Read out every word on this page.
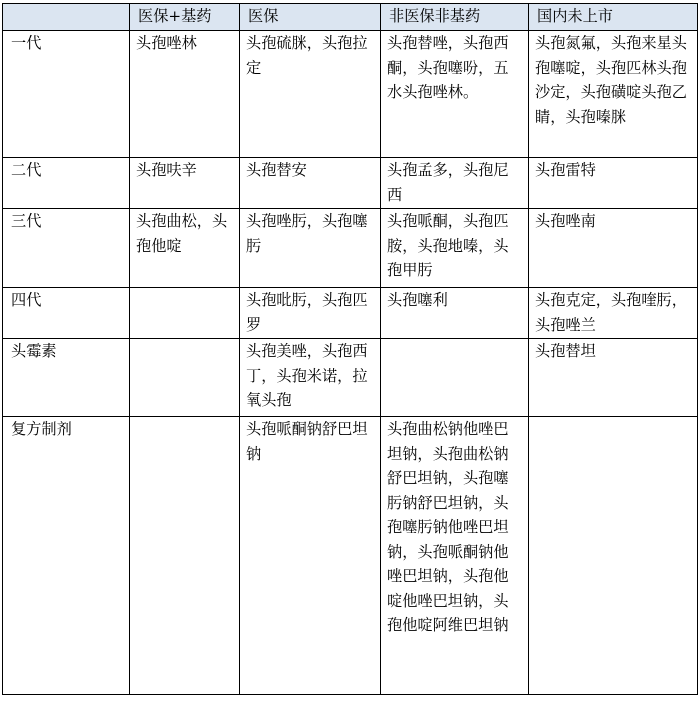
	医保+基药	医保	非医保非基药	国内未上市
一代	头孢唑林	头孢硫脒，头孢拉定	头孢替唑，头孢西酮，头孢噻吩，五水头孢唑林。	头孢氮氟，头孢来星头孢噻啶，头孢匹林头孢沙定，头孢磺啶头孢乙睛，头孢嗪脒

二代	头孢呋辛	头孢替安	头孢孟多，头孢尼西	头孢雷特

三代	头孢曲松，头孢他啶	头孢唑肟，头孢噻肟	头孢哌酮，头孢匹胺，头孢地嗪，头孢甲肟	头孢唑南

四代		头孢吡肟，头孢匹罗	头孢噻利	头孢克定，头孢喹肟，头孢唑兰

头霉素		头孢美唑，头孢西丁，头孢米诺，拉氧头孢		头孢替坦

复方制剂		头孢哌酮钠舒巴坦钠	头孢曲松钠他唑巴坦钠，头孢曲松钠舒巴坦钠，头孢噻肟钠舒巴坦钠，头孢噻肟钠他唑巴坦钠，头孢哌酮钠他唑巴坦钠，头孢他啶他唑巴坦钠，头孢他啶阿维巴坦钠	
